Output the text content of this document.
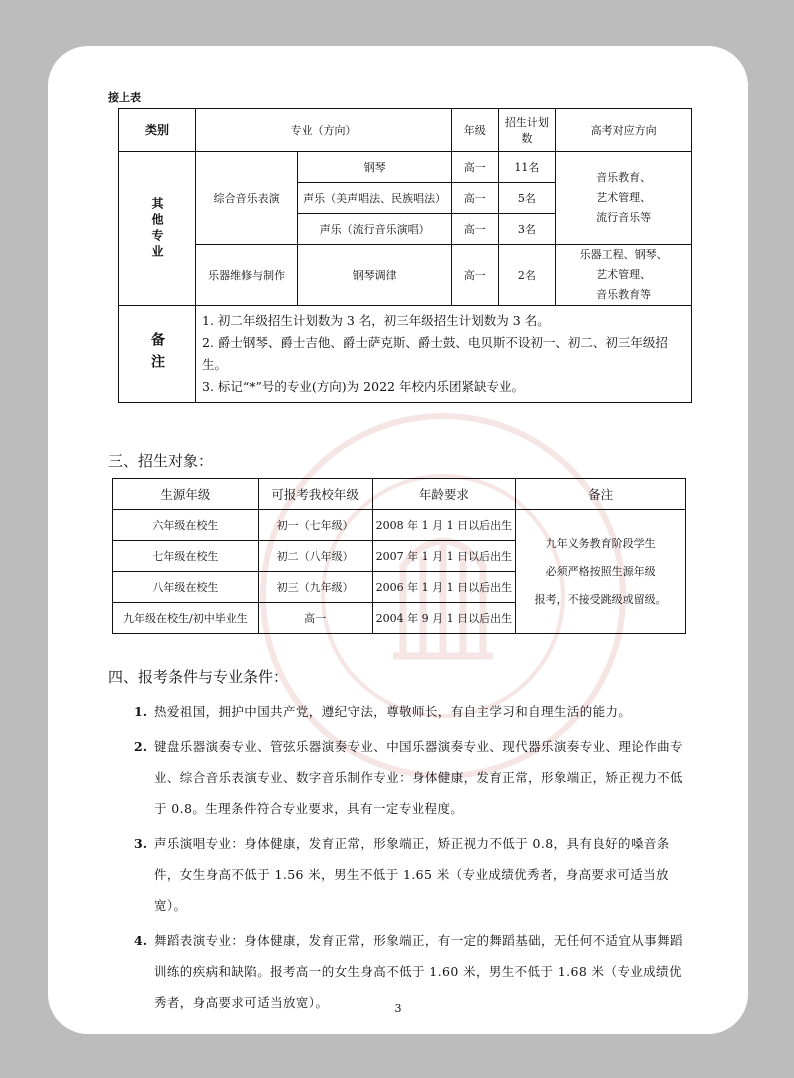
接上表
类别	专业（方向）		年级	招生计划数	高考对应方向
其他专业	综合音乐表演	钢琴	高一	11名	音乐教育、
艺术管理、
流行音乐等

		声乐（美声唱法、民族唱法）	高一	5名	
		声乐（流行音乐演唱）	高一	3名	
	乐器维修与制作	钢琴调律	高一	2名	乐器工程、钢琴、
艺术管理、
音乐教育等

备注	1. 初二年级招生计划数为 3 名，初三年级招生计划数为 3 名。
2. 爵士钢琴、爵士吉他、爵士萨克斯、爵士鼓、电贝斯不设初一、初二、初三年级招生。
3. 标记“*”号的专业(方向)为 2022 年校内乐团紧缺专业。				
三、招生对象：
生源年级	可报考我校年级	年龄要求	备注
六年级在校生	初一（七年级）	2008 年 1 月 1 日以后出生	九年义务教育阶段学生
必须严格按照生源年级
报考，不接受跳级或留级。

七年级在校生	初二（八年级）	2007 年 1 月 1 日以后出生	
八年级在校生	初三（九年级）	2006 年 1 月 1 日以后出生	
九年级在校生/初中毕业生	高一	2004 年 9 月 1 日以后出生	
四、报考条件与专业条件：
1. 热爱祖国，拥护中国共产党，遵纪守法，尊敬师长，有自主学习和自理生活的能力。
2. 键盘乐器演奏专业、管弦乐器演奏专业、中国乐器演奏专业、现代器乐演奏专业、理论作曲专业、综合音乐表演专业、数字音乐制作专业：身体健康，发育正常，形象端正，矫正视力不低于 0.8。生理条件符合专业要求，具有一定专业程度。
3. 声乐演唱专业：身体健康，发育正常，形象端正，矫正视力不低于 0.8，具有良好的嗓音条件，女生身高不低于 1.56 米，男生不低于 1.65 米（专业成绩优秀者，身高要求可适当放宽）。
4. 舞蹈表演专业：身体健康，发育正常，形象端正，有一定的舞蹈基础，无任何不适宜从事舞蹈训练的疾病和缺陷。报考高一的女生身高不低于 1.60 米，男生不低于 1.68 米（专业成绩优秀者，身高要求可适当放宽）。	3
